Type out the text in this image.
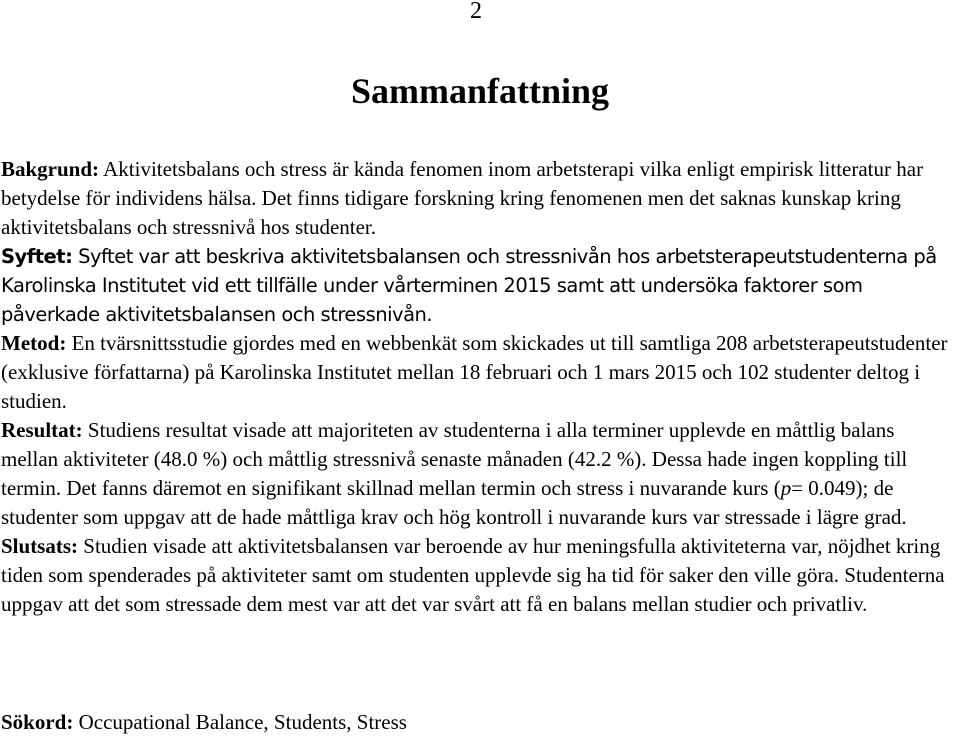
2
Sammanfattning

Bakgrund: Aktivitetsbalans och stress är kända fenomen inom arbetsterapi vilka enligt empirisk litteratur har betydelse för individens hälsa. Det finns tidigare forskning kring fenomenen men det saknas kunskap kring aktivitetsbalans och stressnivå hos studenter.

Syftet: Syftet var att beskriva aktivitetsbalansen och stressnivån hos arbetsterapeutstudenterna på Karolinska Institutet vid ett tillfälle under vårterminen 2015 samt att undersöka faktorer som påverkade aktivitetsbalansen och stressnivån.

Metod: En tvärsnittsstudie gjordes med en webbenkät som skickades ut till samtliga 208 arbetsterapeutstudenter (exklusive författarna) på Karolinska Institutet mellan 18 februari och 1 mars 2015 och 102 studenter deltog i studien.

Resultat: Studiens resultat visade att majoriteten av studenterna i alla terminer upplevde en måttlig balans mellan aktiviteter (48.0 %) och måttlig stressnivå senaste månaden (42.2 %). Dessa hade ingen koppling till termin. Det fanns däremot en signifikant skillnad mellan termin och stress i nuvarande kurs (p= 0.049); de studenter som uppgav att de hade måttliga krav och hög kontroll i nuvarande kurs var stressade i lägre grad.

Slutsats: Studien visade att aktivitetsbalansen var beroende av hur meningsfulla aktiviteterna var, nöjdhet kring tiden som spenderades på aktiviteter samt om studenten upplevde sig ha tid för saker den ville göra. Studenterna uppgav att det som stressade dem mest var att det var svårt att få en balans mellan studier och privatliv.

Sökord: Occupational Balance, Students, Stress
